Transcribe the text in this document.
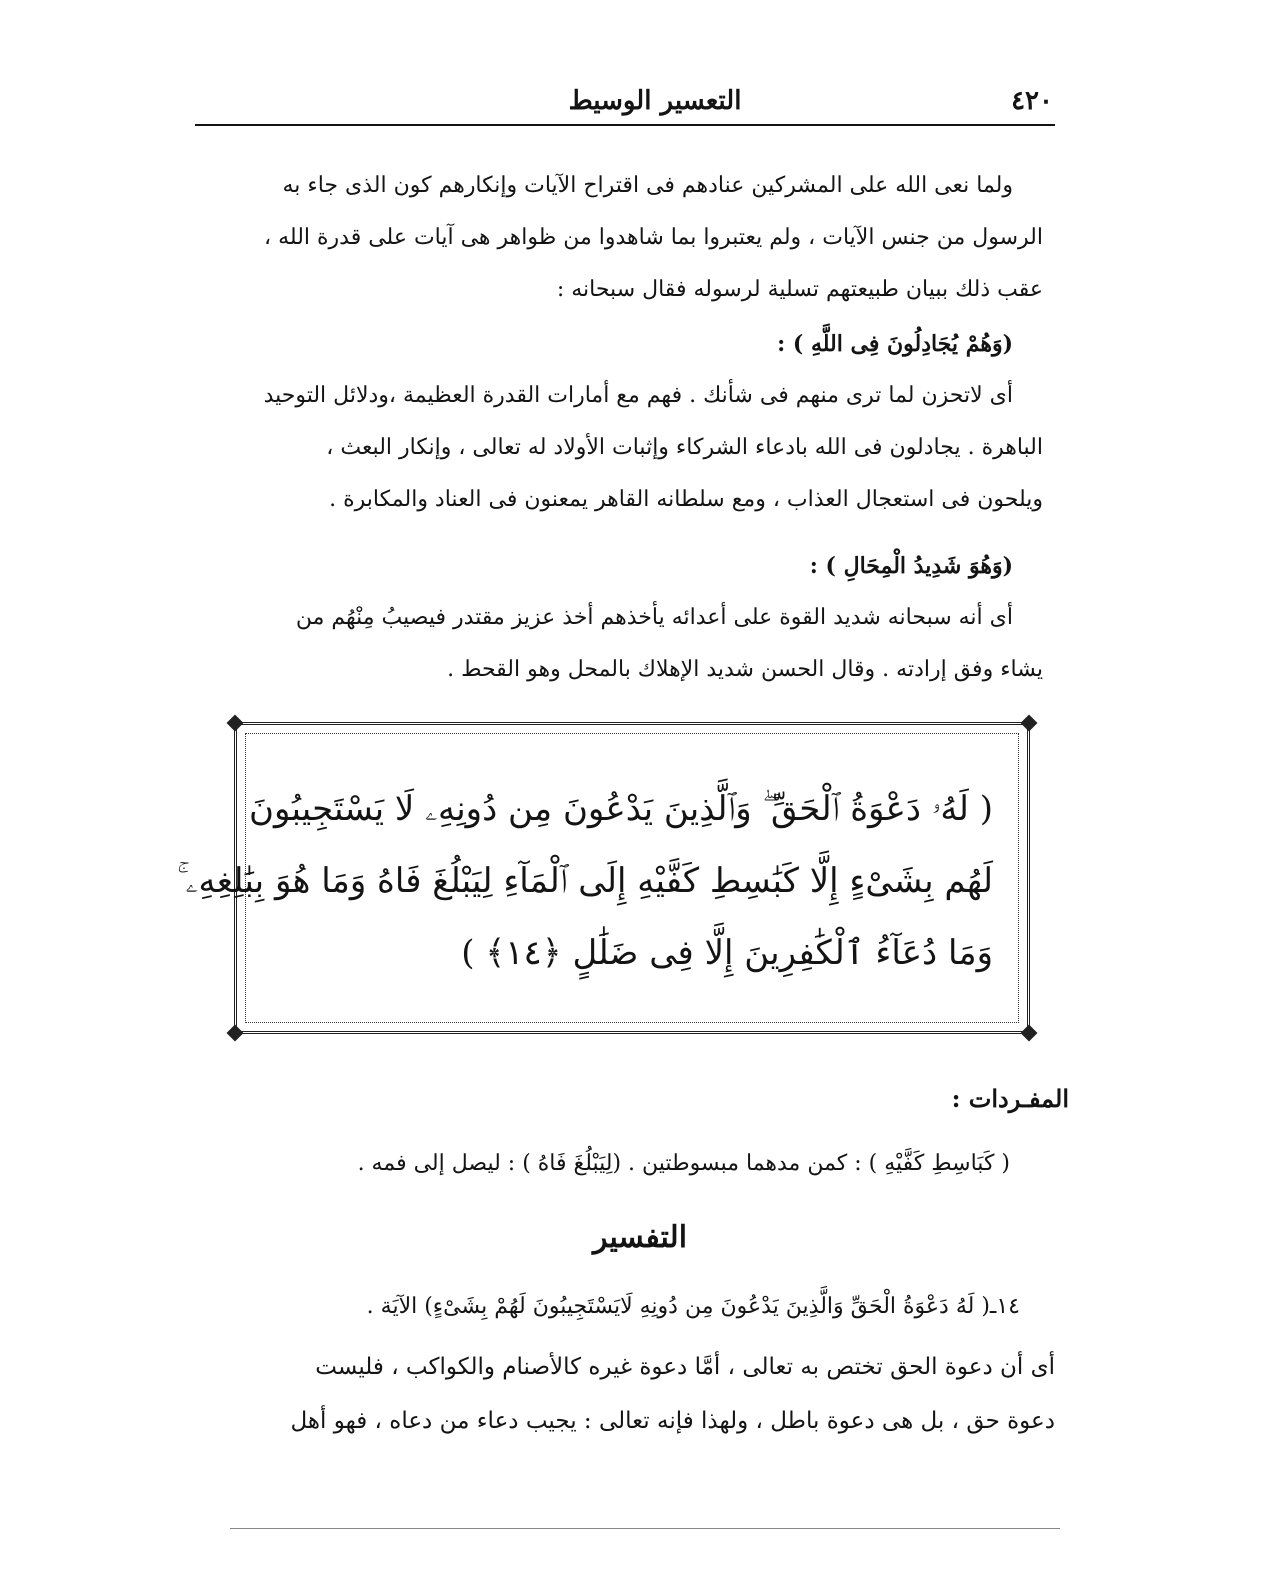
٤٢٠
التعسير الوسيط
ولما نعى الله على المشركين عنادهم فى اقتراح الآيات وإنكارهم كون الذى جاء به
الرسول من جنس الآيات ، ولم يعتبروا بما شاهدوا من ظواهر هى آيات على قدرة الله ،
عقب ذلك ببيان طبيعتهم تسلية لرسوله فقال سبحانه :
(وَهُمْ يُجَادِلُونَ فِى اللَّهِ ) :
أى لاتحزن لما ترى منهم فى شأنك . فهم مع أمارات القدرة العظيمة ،ودلائل التوحيد
الباهرة . يجادلون فى الله بادعاء الشركاء وإثبات الأولاد له تعالى ، وإنكار البعث ،
ويلحون فى استعجال العذاب ، ومع سلطانه القاهر يمعنون فى العناد والمكابرة .
(وَهُوَ شَدِيدُ الْمِحَالِ ) :
أى أنه سبحانه شديد القوة على أعدائه يأخذهم أخذ عزيز مقتدر فيصيبُ مِنْهُم من
يشاء وفق إرادته . وقال الحسن شديد الإهلاك بالمحل وهو القحط .
( لَهُۥ دَعْوَةُ ٱلْحَقِّ ۖ وَٱلَّذِينَ يَدْعُونَ مِن دُونِهِۦ لَا يَسْتَجِيبُونَ
لَهُم بِشَىْءٍ إِلَّا كَبَٰسِطِ كَفَّيْهِ إِلَى ٱلْمَآءِ لِيَبْلُغَ فَاهُ وَمَا هُوَ بِبَٰلِغِهِۦ ۚ
وَمَا دُعَآءُ ٱلْكَٰفِرِينَ إِلَّا فِى ضَلَٰلٍ ﴿١٤﴾ )
المفـردات :
( كَبَاسِطِ كَفَّيْهِ ) : كمن مدهما مبسوطتين . (لِيَبْلُغَ فَاهُ ) : ليصل إلى فمه .
التفسير
١٤ـ( لَهُ دَعْوَةُ الْحَقِّ وَالَّذِينَ يَدْعُونَ مِن دُونِهِ لَايَسْتَجِيبُونَ لَهُمْ بِشَىْءٍ) الآيَة .
أى أن دعوة الحق تختص به تعالى ، أمَّا دعوة غيره كالأصنام والكواكب ، فليست
دعوة حق ، بل هى دعوة باطل ، ولهذا فإنه تعالى : يجيب دعاء من دعاه ، فهو أهل
